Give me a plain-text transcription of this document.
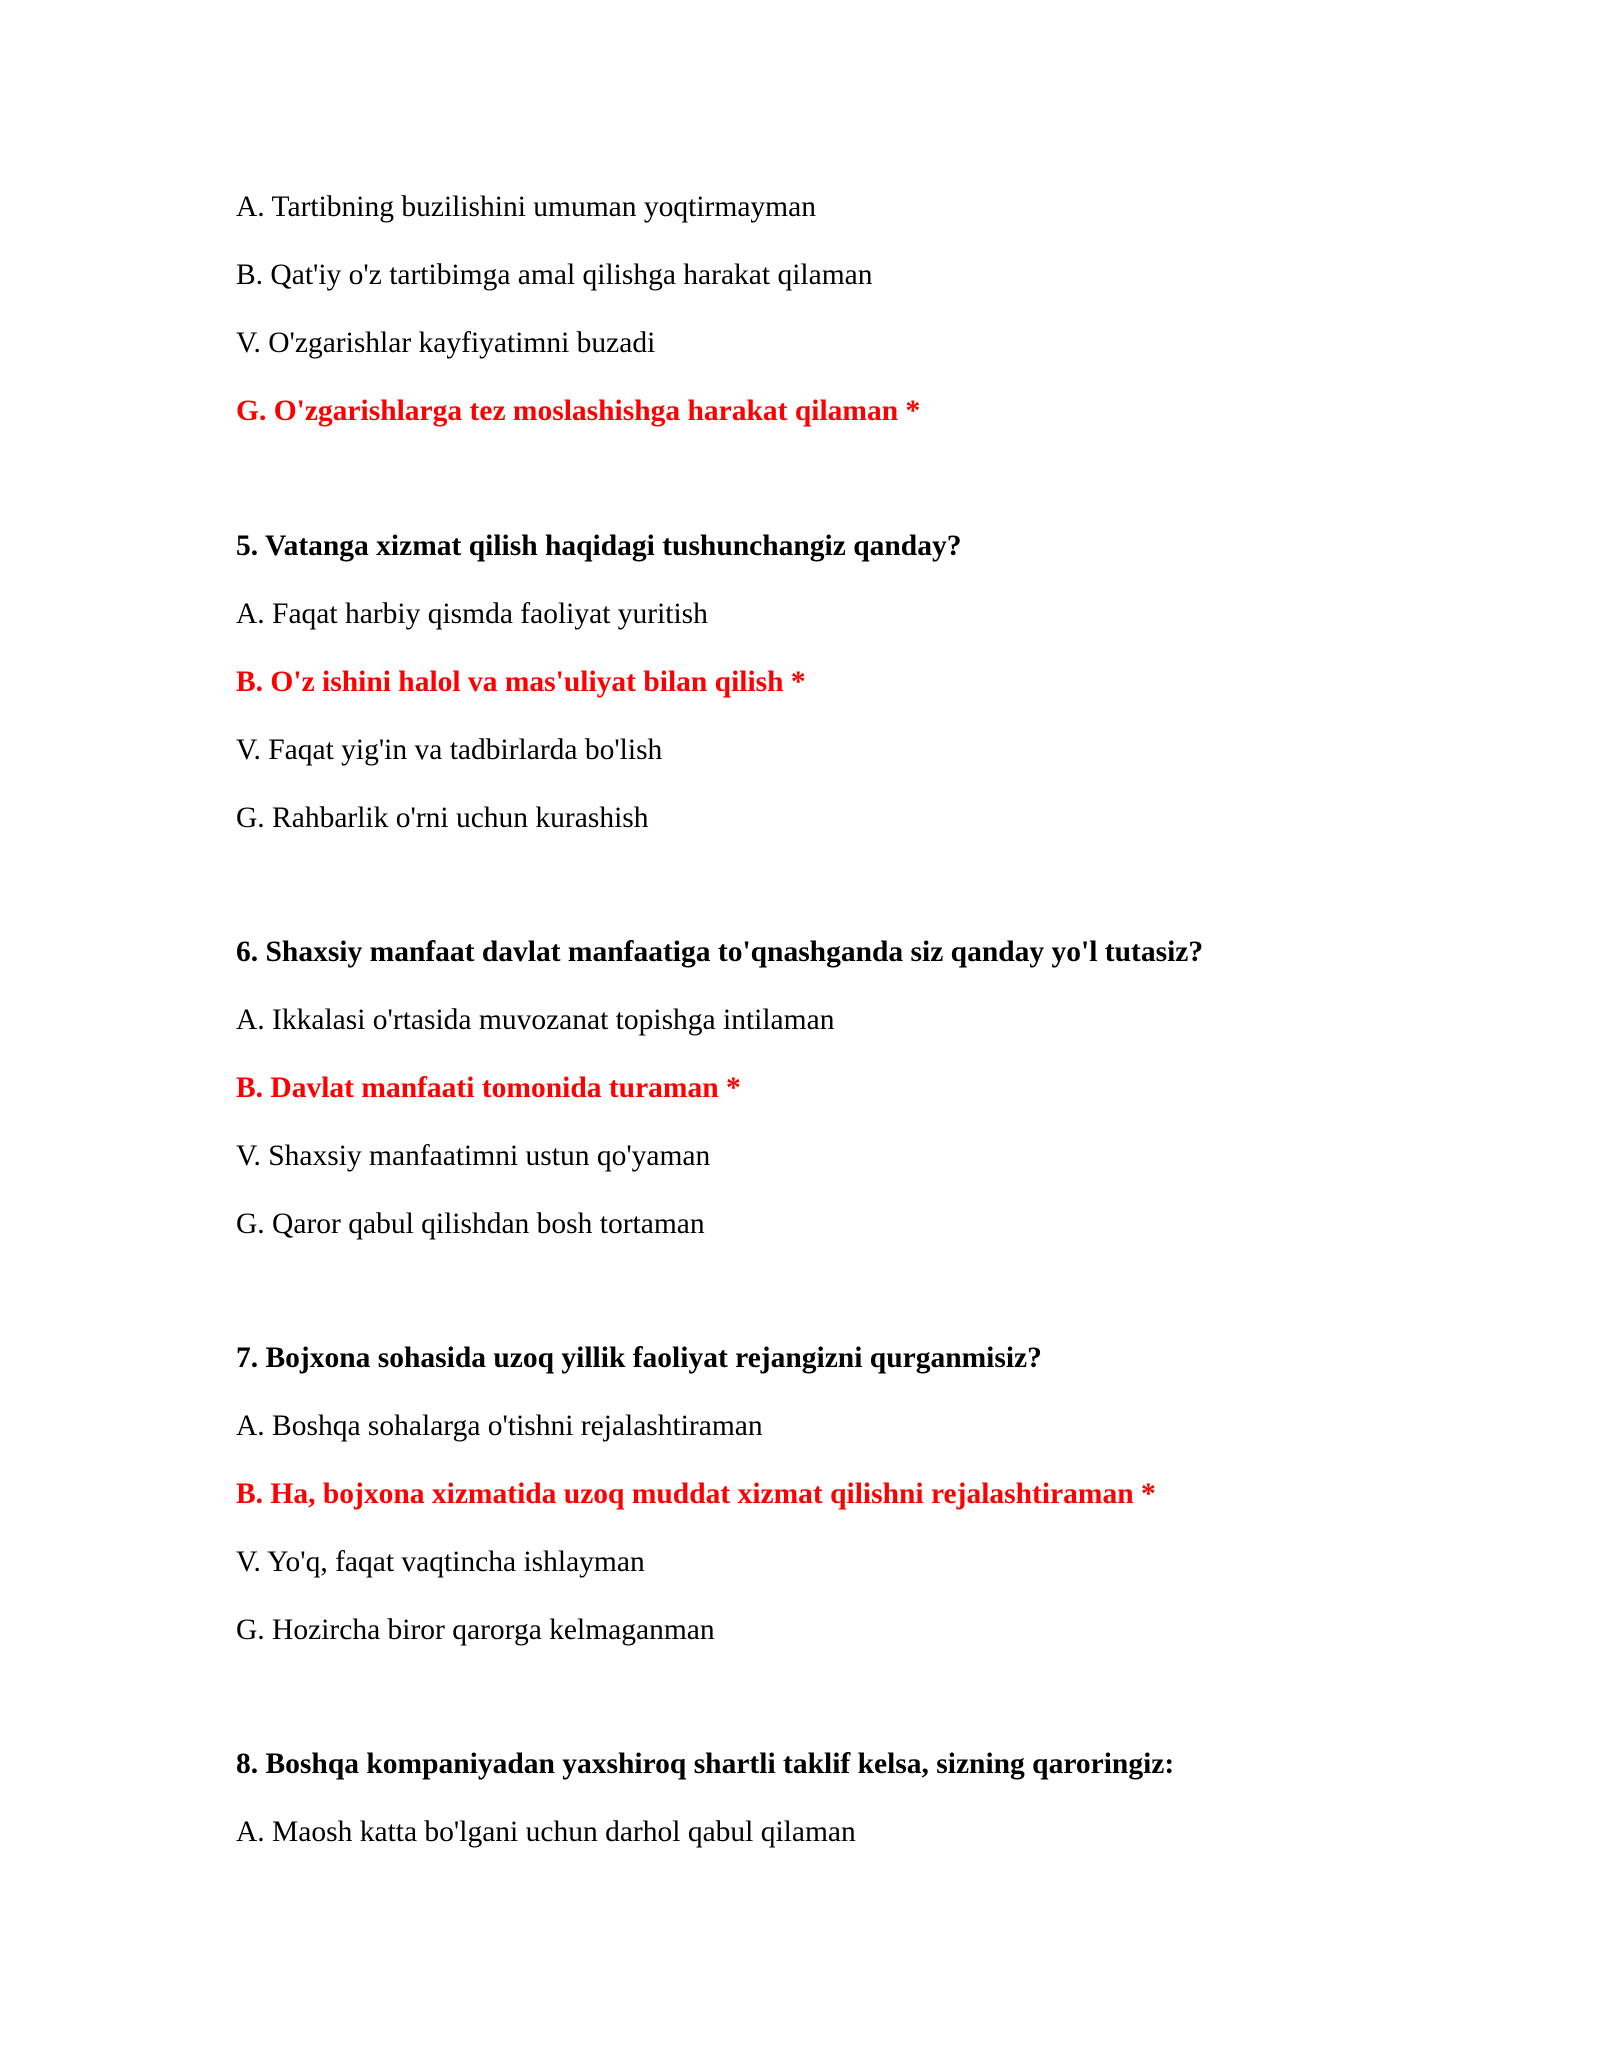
A. Tartibning buzilishini umuman yoqtirmayman
B. Qat'iy o'z tartibimga amal qilishga harakat qilaman
V. O'zgarishlar kayfiyatimni buzadi
G. O'zgarishlarga tez moslashishga harakat qilaman *
5. Vatanga xizmat qilish haqidagi tushunchangiz qanday?
A. Faqat harbiy qismda faoliyat yuritish
B. O'z ishini halol va mas'uliyat bilan qilish *
V. Faqat yig'in va tadbirlarda bo'lish
G. Rahbarlik o'rni uchun kurashish
6. Shaxsiy manfaat davlat manfaatiga to'qnashganda siz qanday yo'l tutasiz?
A. Ikkalasi o'rtasida muvozanat topishga intilaman
B. Davlat manfaati tomonida turaman *
V. Shaxsiy manfaatimni ustun qo'yaman
G. Qaror qabul qilishdan bosh tortaman
7. Bojxona sohasida uzoq yillik faoliyat rejangizni qurganmisiz?
A. Boshqa sohalarga o'tishni rejalashtiraman
B. Ha, bojxona xizmatida uzoq muddat xizmat qilishni rejalashtiraman *
V. Yo'q, faqat vaqtincha ishlayman
G. Hozircha biror qarorga kelmaganman
8. Boshqa kompaniyadan yaxshiroq shartli taklif kelsa, sizning qaroringiz:
A. Maosh katta bo'lgani uchun darhol qabul qilaman
